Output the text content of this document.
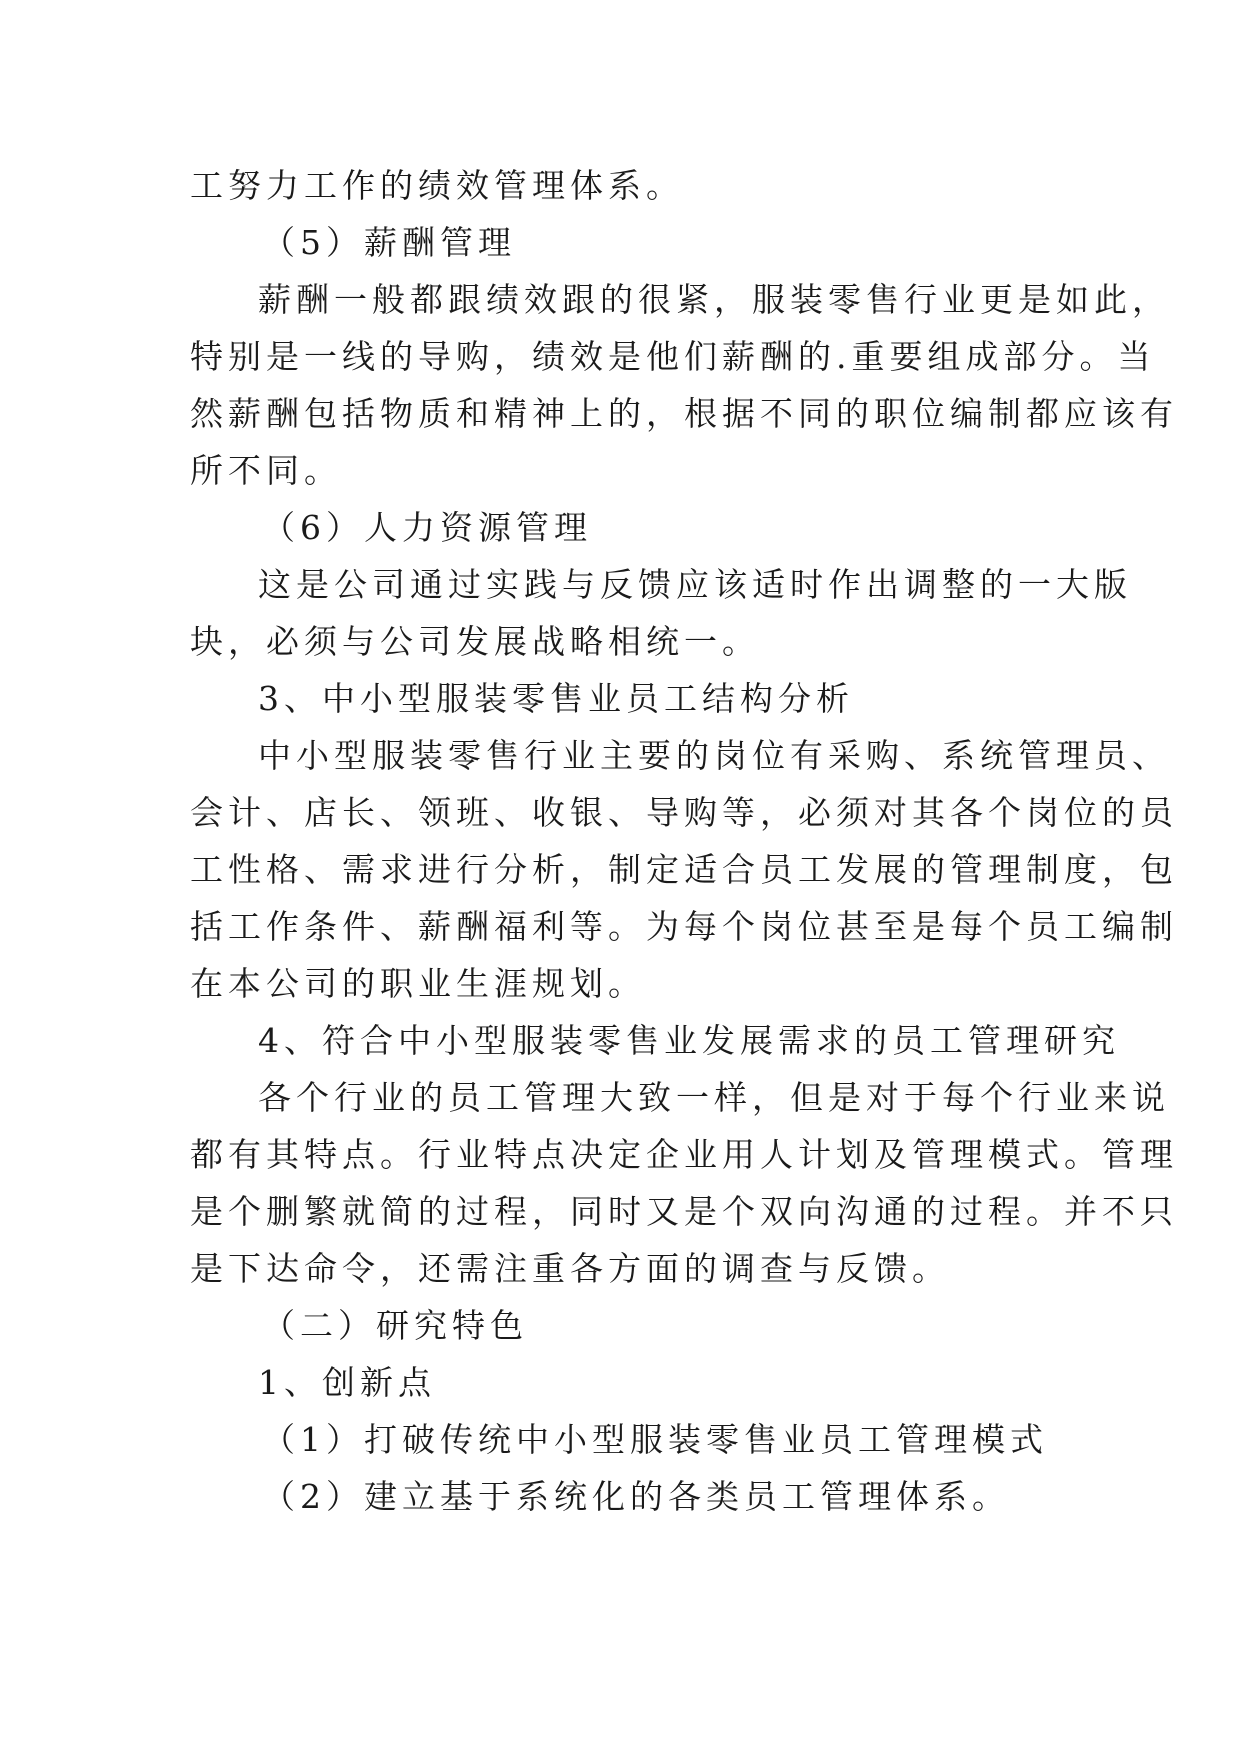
工努力工作的绩效管理体系。
（5）薪酬管理
薪酬一般都跟绩效跟的很紧，服装零售行业更是如此，
特别是一线的导购，绩效是他们薪酬的.重要组成部分。当
然薪酬包括物质和精神上的，根据不同的职位编制都应该有
所不同。
（6）人力资源管理
这是公司通过实践与反馈应该适时作出调整的一大版
块，必须与公司发展战略相统一。
3、中小型服装零售业员工结构分析
中小型服装零售行业主要的岗位有采购、系统管理员、
会计、店长、领班、收银、导购等，必须对其各个岗位的员
工性格、需求进行分析，制定适合员工发展的管理制度，包
括工作条件、薪酬福利等。为每个岗位甚至是每个员工编制
在本公司的职业生涯规划。
4、符合中小型服装零售业发展需求的员工管理研究
各个行业的员工管理大致一样，但是对于每个行业来说
都有其特点。行业特点决定企业用人计划及管理模式。管理
是个删繁就简的过程，同时又是个双向沟通的过程。并不只
是下达命令，还需注重各方面的调查与反馈。
（二）研究特色
1、创新点
（1）打破传统中小型服装零售业员工管理模式
（2）建立基于系统化的各类员工管理体系。
